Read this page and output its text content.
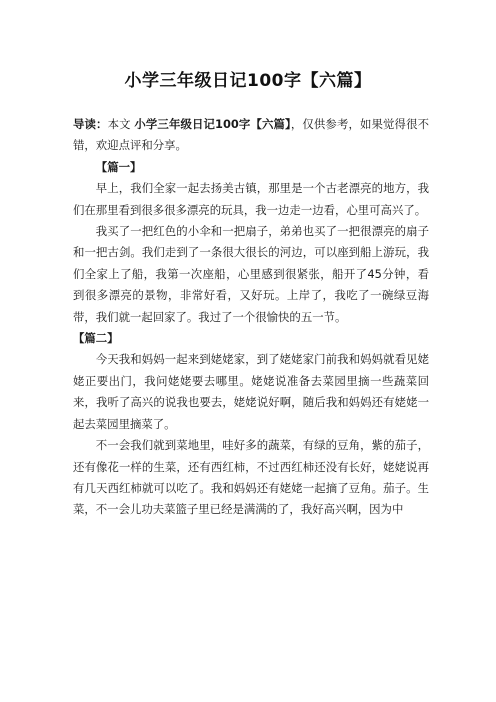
小学三年级日记100字【六篇】

导读：本文 小学三年级日记100字【六篇】，仅供参考，如果觉得很不错，欢迎点评和分享。

【篇一】

早上，我们全家一起去扬美古镇，那里是一个古老漂亮的地方，我们在那里看到很多很多漂亮的玩具，我一边走一边看，心里可高兴了。

我买了一把红色的小伞和一把扇子，弟弟也买了一把很漂亮的扇子和一把古剑。我们走到了一条很大很长的河边，可以座到船上游玩，我们全家上了船，我第一次座船，心里感到很紧张，船开了45分钟，看到很多漂亮的景物，非常好看，又好玩。上岸了，我吃了一碗绿豆海带，我们就一起回家了。我过了一个很愉快的五一节。

【篇二】

今天我和妈妈一起来到姥姥家，到了姥姥家门前我和妈妈就看见姥姥正要出门，我问姥姥要去哪里。姥姥说准备去菜园里摘一些蔬菜回来，我听了高兴的说我也要去，姥姥说好啊，随后我和妈妈还有姥姥一起去菜园里摘菜了。

不一会我们就到菜地里，哇好多的蔬菜，有绿的豆角，紫的茄子，还有像花一样的生菜，还有西红柿，不过西红柿还没有长好，姥姥说再有几天西红柿就可以吃了。我和妈妈还有姥姥一起摘了豆角。茄子。生菜，不一会儿功夫菜篮子里已经是满满的了，我好高兴啊，因为中
